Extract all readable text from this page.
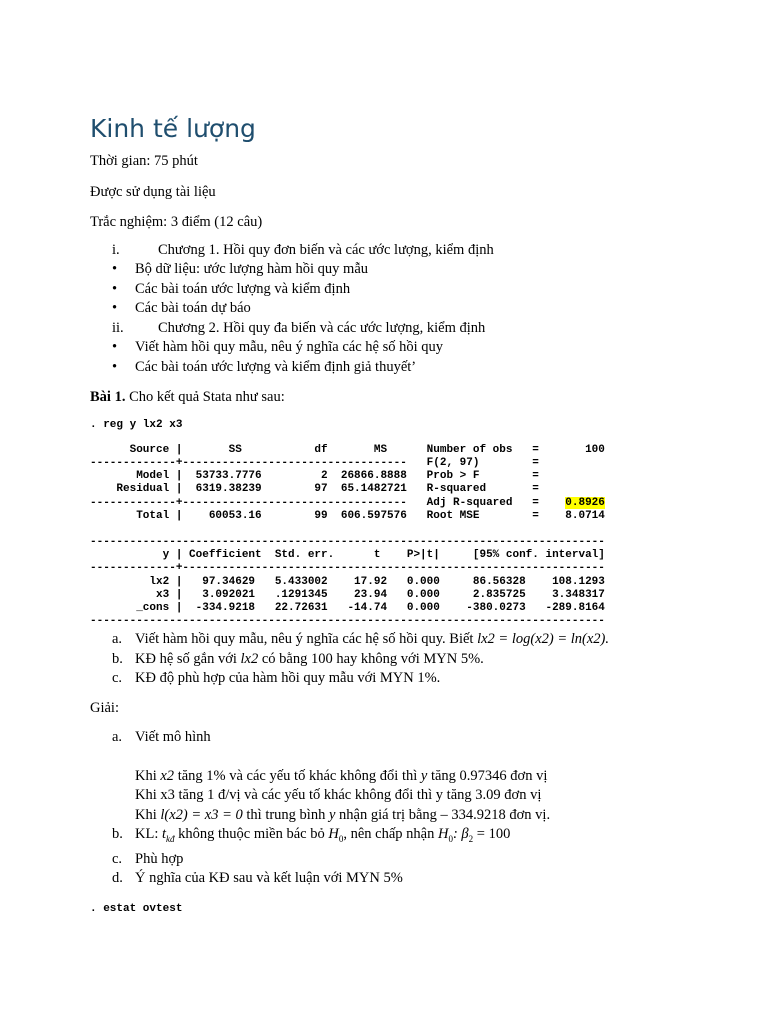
Kinh tế lượng

Thời gian: 75 phút

Được sử dụng tài liệu

Trắc nghiệm: 3 điểm (12 câu)

i.	Chương 1. Hồi quy đơn biến và các ước lượng, kiểm định
• Bộ dữ liệu: ước lượng hàm hồi quy mẫu
• Các bài toán ước lượng và kiểm định
• Các bài toán dự báo
ii. Chương 2. Hồi quy đa biến và các ước lượng, kiểm định
• Viết hàm hồi quy mẫu, nêu ý nghĩa các hệ số hồi quy
• Các bài toán ước lượng và kiểm định giả thuyết’

Bài 1. Cho kết quả Stata như sau:

. reg y lx2 x3
Source |       SS           df       MS      Number of obs   =       100
-------------+----------------------------------   F(2, 97)        =
Model |  53733.7776         2  26866.8888   Prob > F        =
Residual |  6319.38239        97  65.1482721   R-squared       =
-------------+----------------------------------   Adj R-squared   = 0.8926
Total |    60053.16        99  606.597576   Root MSE        =    8.0714
------------------------------------------------------------------------------
y | Coefficient  Std. err.      t    P>|t|     [95% conf. interval]
-------------+----------------------------------------------------------------
lx2 |   97.34629   5.433002    17.92   0.000     86.56328    108.1293
x3 |   3.092021   .1291345    23.94   0.000     2.835725    3.348317
_cons |  -334.9218   22.72631   -14.74   0.000    -380.0273   -289.8164
------------------------------------------------------------------------------
a. Viết hàm hồi quy mẫu, nêu ý nghĩa các hệ số hồi quy. Biết lx2 = log(x2) = ln(x2).
b. KĐ hệ số gắn với lx2 có bằng 100 hay không với MYN 5%.
c. KĐ độ phù hợp của hàm hồi quy mẫu với MYN 1%.

Giải:

a. Viết mô hình

Khi x2 tăng 1% và các yếu tố khác không đổi thì y tăng 0.97346 đơn vị

Khi x3 tăng 1 đ/vị và các yếu tố khác không đổi thì y tăng 3.09 đơn vị

Khi l(x2) = x3 = 0 thì trung bình y nhận giá trị bằng – 334.9218 đơn vị.

b. KL: $t_{kđ}$ không thuộc miền bác bỏ $H_0$, nên chấp nhận $H_0$: $\beta_2 = 100$
c. Phù hợp
d. Ý nghĩa của KĐ sau và kết luận với MYN 5%
. estat ovtest
